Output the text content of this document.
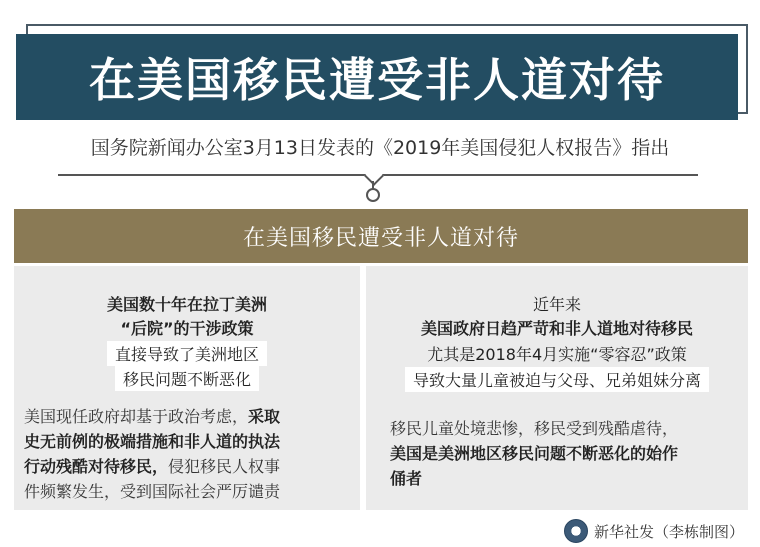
在美国移民遭受非人道对待
国务院新闻办公室3月13日发表的《2019年美国侵犯人权报告》指出
在美国移民遭受非人道对待
美国数十年在拉丁美洲
“后院”的干涉政策
直接导致了美洲地区
移民问题不断恶化
美国现任政府却基于政治考虑，采取
史无前例的极端措施和非人道的执法
行动残酷对待移民，侵犯移民人权事
件频繁发生，受到国际社会严厉谴责
近年来
美国政府日趋严苛和非人道地对待移民
尤其是2018年4月实施“零容忍”政策
导致大量儿童被迫与父母、兄弟姐妹分离
移民儿童处境悲惨，移民受到残酷虐待，
美国是美洲地区移民问题不断恶化的始作
俑者
新华社发（李栋制图）
